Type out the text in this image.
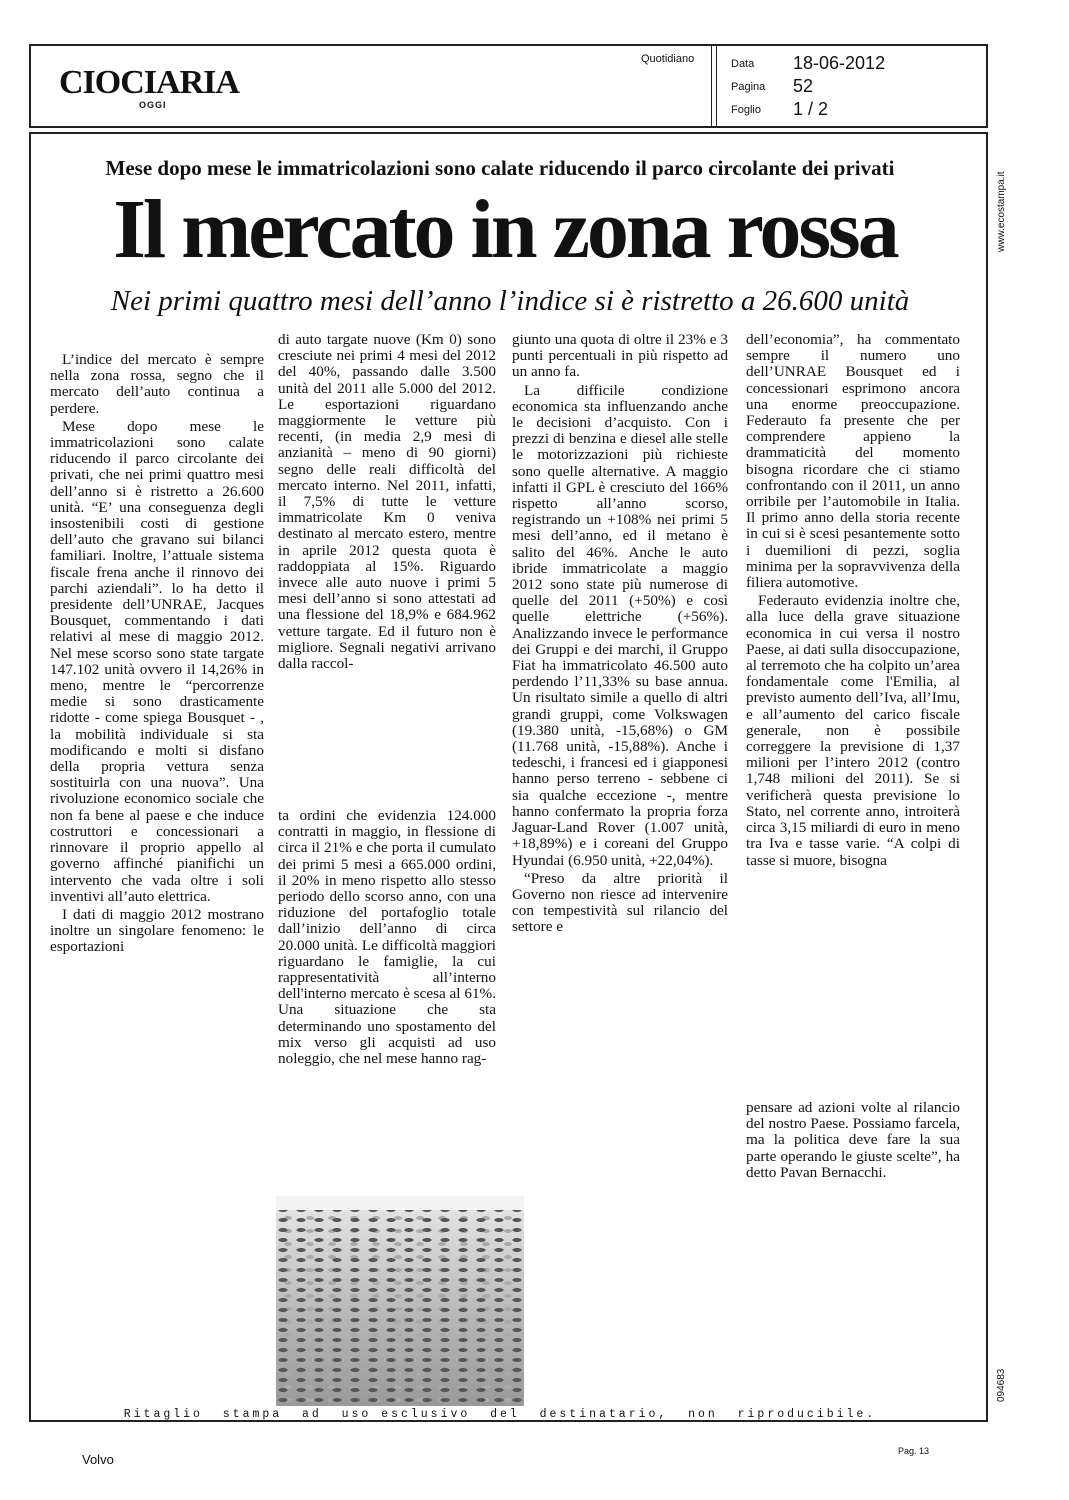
CIOCIARIA
OGGI
Quotidiano	Data	18-06-2012
Pagina	52
Foglio	1 / 2
www.ecostampa.it
094683
Mese dopo mese le immatricolazioni sono calate riducendo il parco circolante dei privati
Il mercato in zona rossa
Nei primi quattro mesi dell’anno l’indice si è ristretto a 26.600 unità

L’indice del mercato è sempre nella zona rossa, segno che il mercato dell’auto continua a perdere.

Mese dopo mese le immatricolazioni sono calate riducendo il parco circolante dei privati, che nei primi quattro mesi dell’anno si è ristretto a 26.600 unità. “E’ una conseguenza degli insostenibili costi di gestione dell’auto che gravano sui bilanci familiari. Inoltre, l’attuale sistema fiscale frena anche il rinnovo dei parchi aziendali”. lo ha detto il presidente dell’UNRAE, Jacques Bousquet, commentando i dati relativi al mese di maggio 2012. Nel mese scorso sono state targate 147.102 unità ovvero il 14,26% in meno, mentre le “percorrenze medie si sono drasticamente ridotte - come spiega Bousquet - , la mobilità individuale si sta modificando e molti si disfano della propria vettura senza sostituirla con una nuova”. Una rivoluzione economico sociale che non fa bene al paese e che induce costruttori e concessionari a rinnovare il proprio appello al governo affinché pianifichi un intervento che vada oltre i soli inventivi all’auto elettrica.

I dati di maggio 2012 mostrano inoltre un singolare fenomeno: le esportazioni

di auto targate nuove (Km 0) sono cresciute nei primi 4 mesi del 2012 del 40%, passando dalle 3.500 unità del 2011 alle 5.000 del 2012. Le esportazioni riguardano maggiormente le vetture più recenti, (in media 2,9 mesi di anzianità – meno di 90 giorni) segno delle reali difficoltà del mercato interno. Nel 2011, infatti, il 7,5% di tutte le vetture immatricolate Km 0 veniva destinato al mercato estero, mentre in aprile 2012 questa quota è raddoppiata al 15%. Riguardo invece alle auto nuove i primi 5 mesi dell’anno si sono attestati ad una flessione del 18,9% e 684.962 vetture targate. Ed il futuro non è migliore. Segnali negativi arrivano dalla raccol-

ta ordini che evidenzia 124.000 contratti in maggio, in flessione di circa il 21% e che porta il cumulato dei primi 5 mesi a 665.000 ordini, il 20% in meno rispetto allo stesso periodo dello scorso anno, con una riduzione del portafoglio totale dall’inizio dell’anno di circa 20.000 unità. Le difficoltà maggiori riguardano le famiglie, la cui rappresentatività all’interno dell'interno mercato è scesa al 61%. Una situazione che sta determinando uno spostamento del mix verso gli acquisti ad uso noleggio, che nel mese hanno rag-

giunto una quota di oltre il 23% e 3 punti percentuali in più rispetto ad un anno fa.

La difficile condizione economica sta influenzando anche le decisioni d’acquisto. Con i prezzi di benzina e diesel alle stelle le motorizzazioni più richieste sono quelle alternative. A maggio infatti il GPL è cresciuto del 166% rispetto all’anno scorso, registrando un +108% nei primi 5 mesi dell’anno, ed il metano è salito del 46%. Anche le auto ibride immatricolate a maggio 2012 sono state più numerose di quelle del 2011 (+50%) e così quelle elettriche (+56%). Analizzando invece le performance dei Gruppi e dei marchi, il Gruppo Fiat ha immatricolato 46.500 auto perdendo l’11,33% su base annua. Un risultato simile a quello di altri grandi gruppi, come Volkswagen (19.380 unità, -15,68%) o GM (11.768 unità, -15,88%). Anche i tedeschi, i francesi ed i giapponesi hanno perso terreno - sebbene ci sia qualche eccezione -, mentre hanno confermato la propria forza Jaguar-Land Rover (1.007 unità, +18,89%) e i coreani del Gruppo Hyundai (6.950 unità, +22,04%).

“Preso da altre priorità il Governo non riesce ad intervenire con tempestività sul rilancio del settore e

dell’economia”, ha commentato sempre il numero uno dell’UNRAE Bousquet ed i concessionari esprimono ancora una enorme preoccupazione. Federauto fa presente che per comprendere appieno la drammaticità del momento bisogna ricordare che ci stiamo confrontando con il 2011, un anno orribile per l’automobile in Italia. Il primo anno della storia recente in cui si è scesi pesantemente sotto i duemilioni di pezzi, soglia minima per la sopravvivenza della filiera automotive.

Federauto evidenzia inoltre che, alla luce della grave situazione economica in cui versa il nostro Paese, ai dati sulla disoccupazione, al terremoto che ha colpito un’area fondamentale come l'Emilia, al previsto aumento dell’Iva, all’Imu, e all’aumento del carico fiscale generale, non è possibile correggere la previsione di 1,37 milioni per l’intero 2012 (contro 1,748 milioni del 2011). Se si verificherà questa previsione lo Stato, nel corrente anno, introiterà circa 3,15 miliardi di euro in meno tra Iva e tasse varie. “A colpi di tasse si muore, bisogna

pensare ad azioni volte al rilancio del nostro Paese. Possiamo farcela, ma la politica deve fare la sua parte operando le giuste scelte”, ha detto Pavan Bernacchi.

Ritaglio  stampa  ad  uso esclusivo  del  destinatario,  non  riproducibile.
Volvo
Pag. 13
